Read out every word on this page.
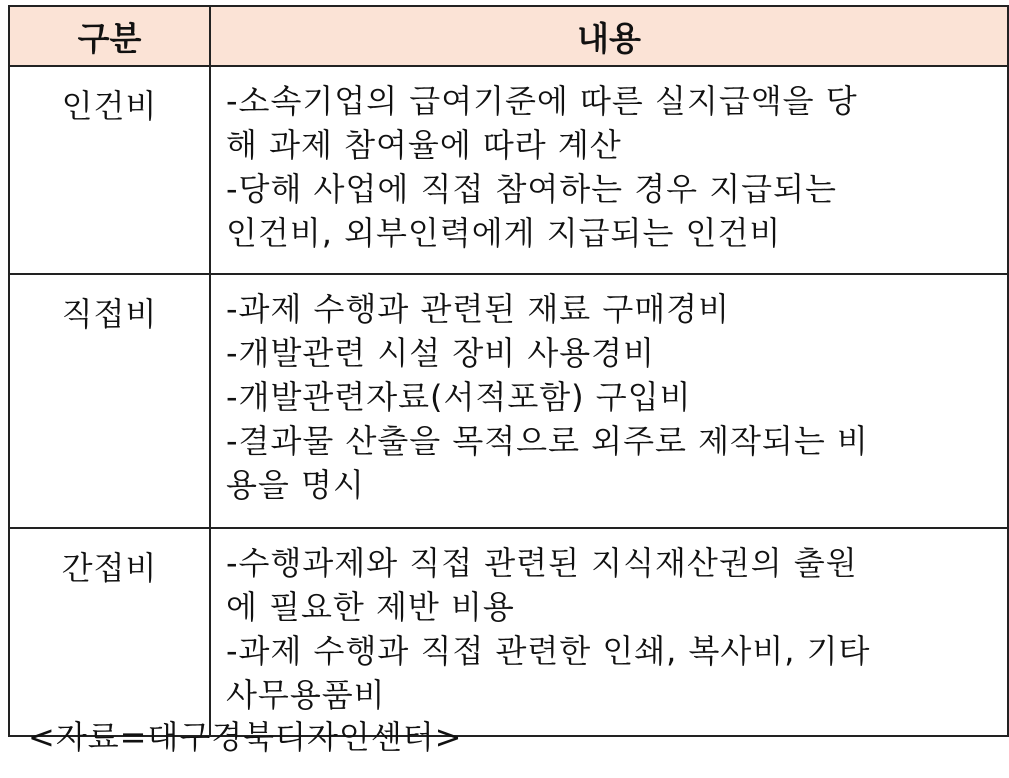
구분	내용
인건비	-소속기업의 급여기준에 따른 실지급액을 당
해 과제 참여율에 따라 계산
-당해 사업에 직접 참여하는 경우 지급되는
인건비, 외부인력에게 지급되는 인건비

직접비	-과제 수행과 관련된 재료 구매경비
-개발관련 시설 장비 사용경비
-개발관련자료(서적포함) 구입비
-결과물 산출을 목적으로 외주로 제작되는 비
용을 명시

간접비	-수행과제와 직접 관련된 지식재산권의 출원
에 필요한 제반 비용
-과제 수행과 직접 관련한 인쇄, 복사비, 기타
사무용품비
<자료=대구경북디자인센터>
